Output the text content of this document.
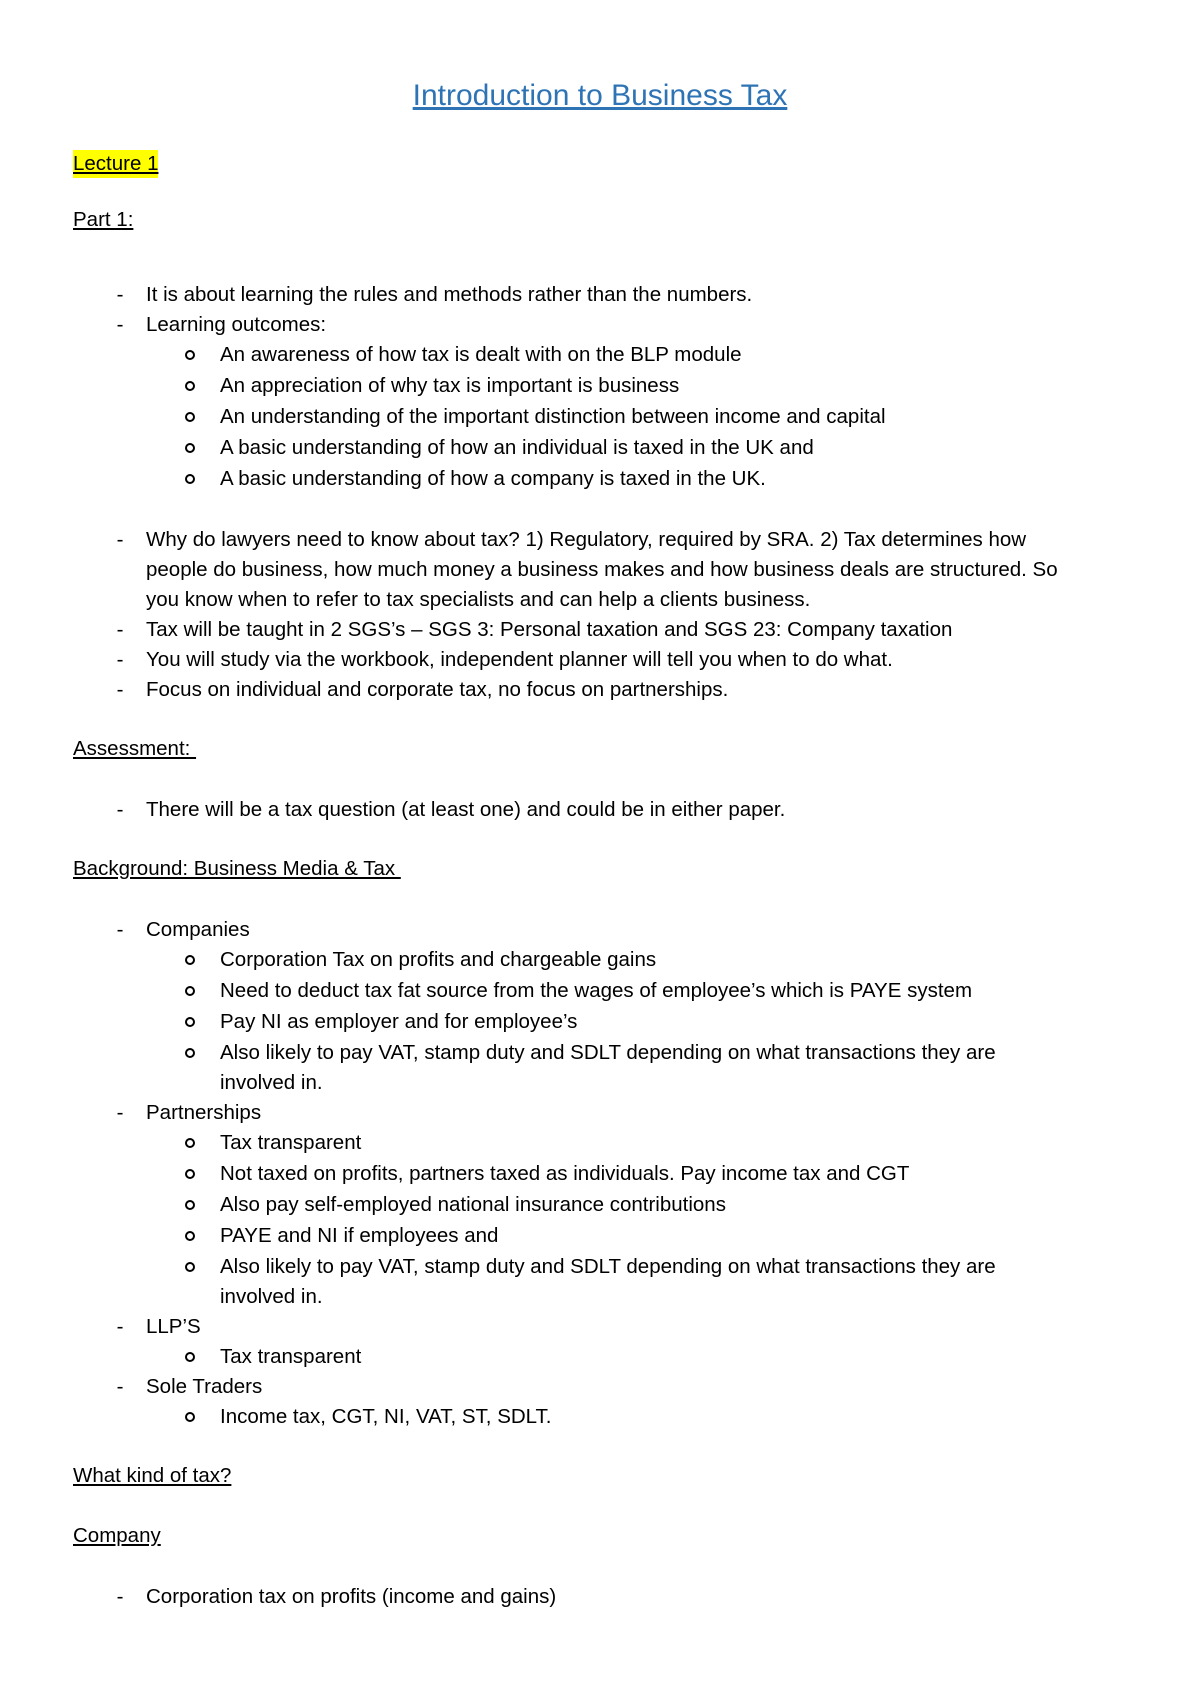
Introduction to Business Tax
Lecture 1
Part 1:
-	It is about learning the rules and methods rather than the numbers.
-	Learning outcomes:
An awareness of how tax is dealt with on the BLP module
An appreciation of why tax is important is business
An understanding of the important distinction between income and capital
A basic understanding of how an individual is taxed in the UK and
A basic understanding of how a company is taxed in the UK.
-	Why do lawyers need to know about tax? 1) Regulatory, required by SRA. 2) Tax determines how
people do business, how much money a business makes and how business deals are structured. So
you know when to refer to tax specialists and can help a clients business.
-	Tax will be taught in 2 SGS’s – SGS 3: Personal taxation and SGS 23: Company taxation
-	You will study via the workbook, independent planner will tell you when to do what.
-	Focus on individual and corporate tax, no focus on partnerships.
Assessment:
-	There will be a tax question (at least one) and could be in either paper.
Background: Business Media & Tax
-	Companies
Corporation Tax on profits and chargeable gains
Need to deduct tax fat source from the wages of employee’s which is PAYE system
Pay NI as employer and for employee’s
Also likely to pay VAT, stamp duty and SDLT depending on what transactions they are
involved in.
-	Partnerships
Tax transparent
Not taxed on profits, partners taxed as individuals. Pay income tax and CGT
Also pay self-employed national insurance contributions
PAYE and NI if employees and
Also likely to pay VAT, stamp duty and SDLT depending on what transactions they are
involved in.
-	LLP’S
Tax transparent
-	Sole Traders
Income tax, CGT, NI, VAT, ST, SDLT.
What kind of tax?
Company
-	Corporation tax on profits (income and gains)
